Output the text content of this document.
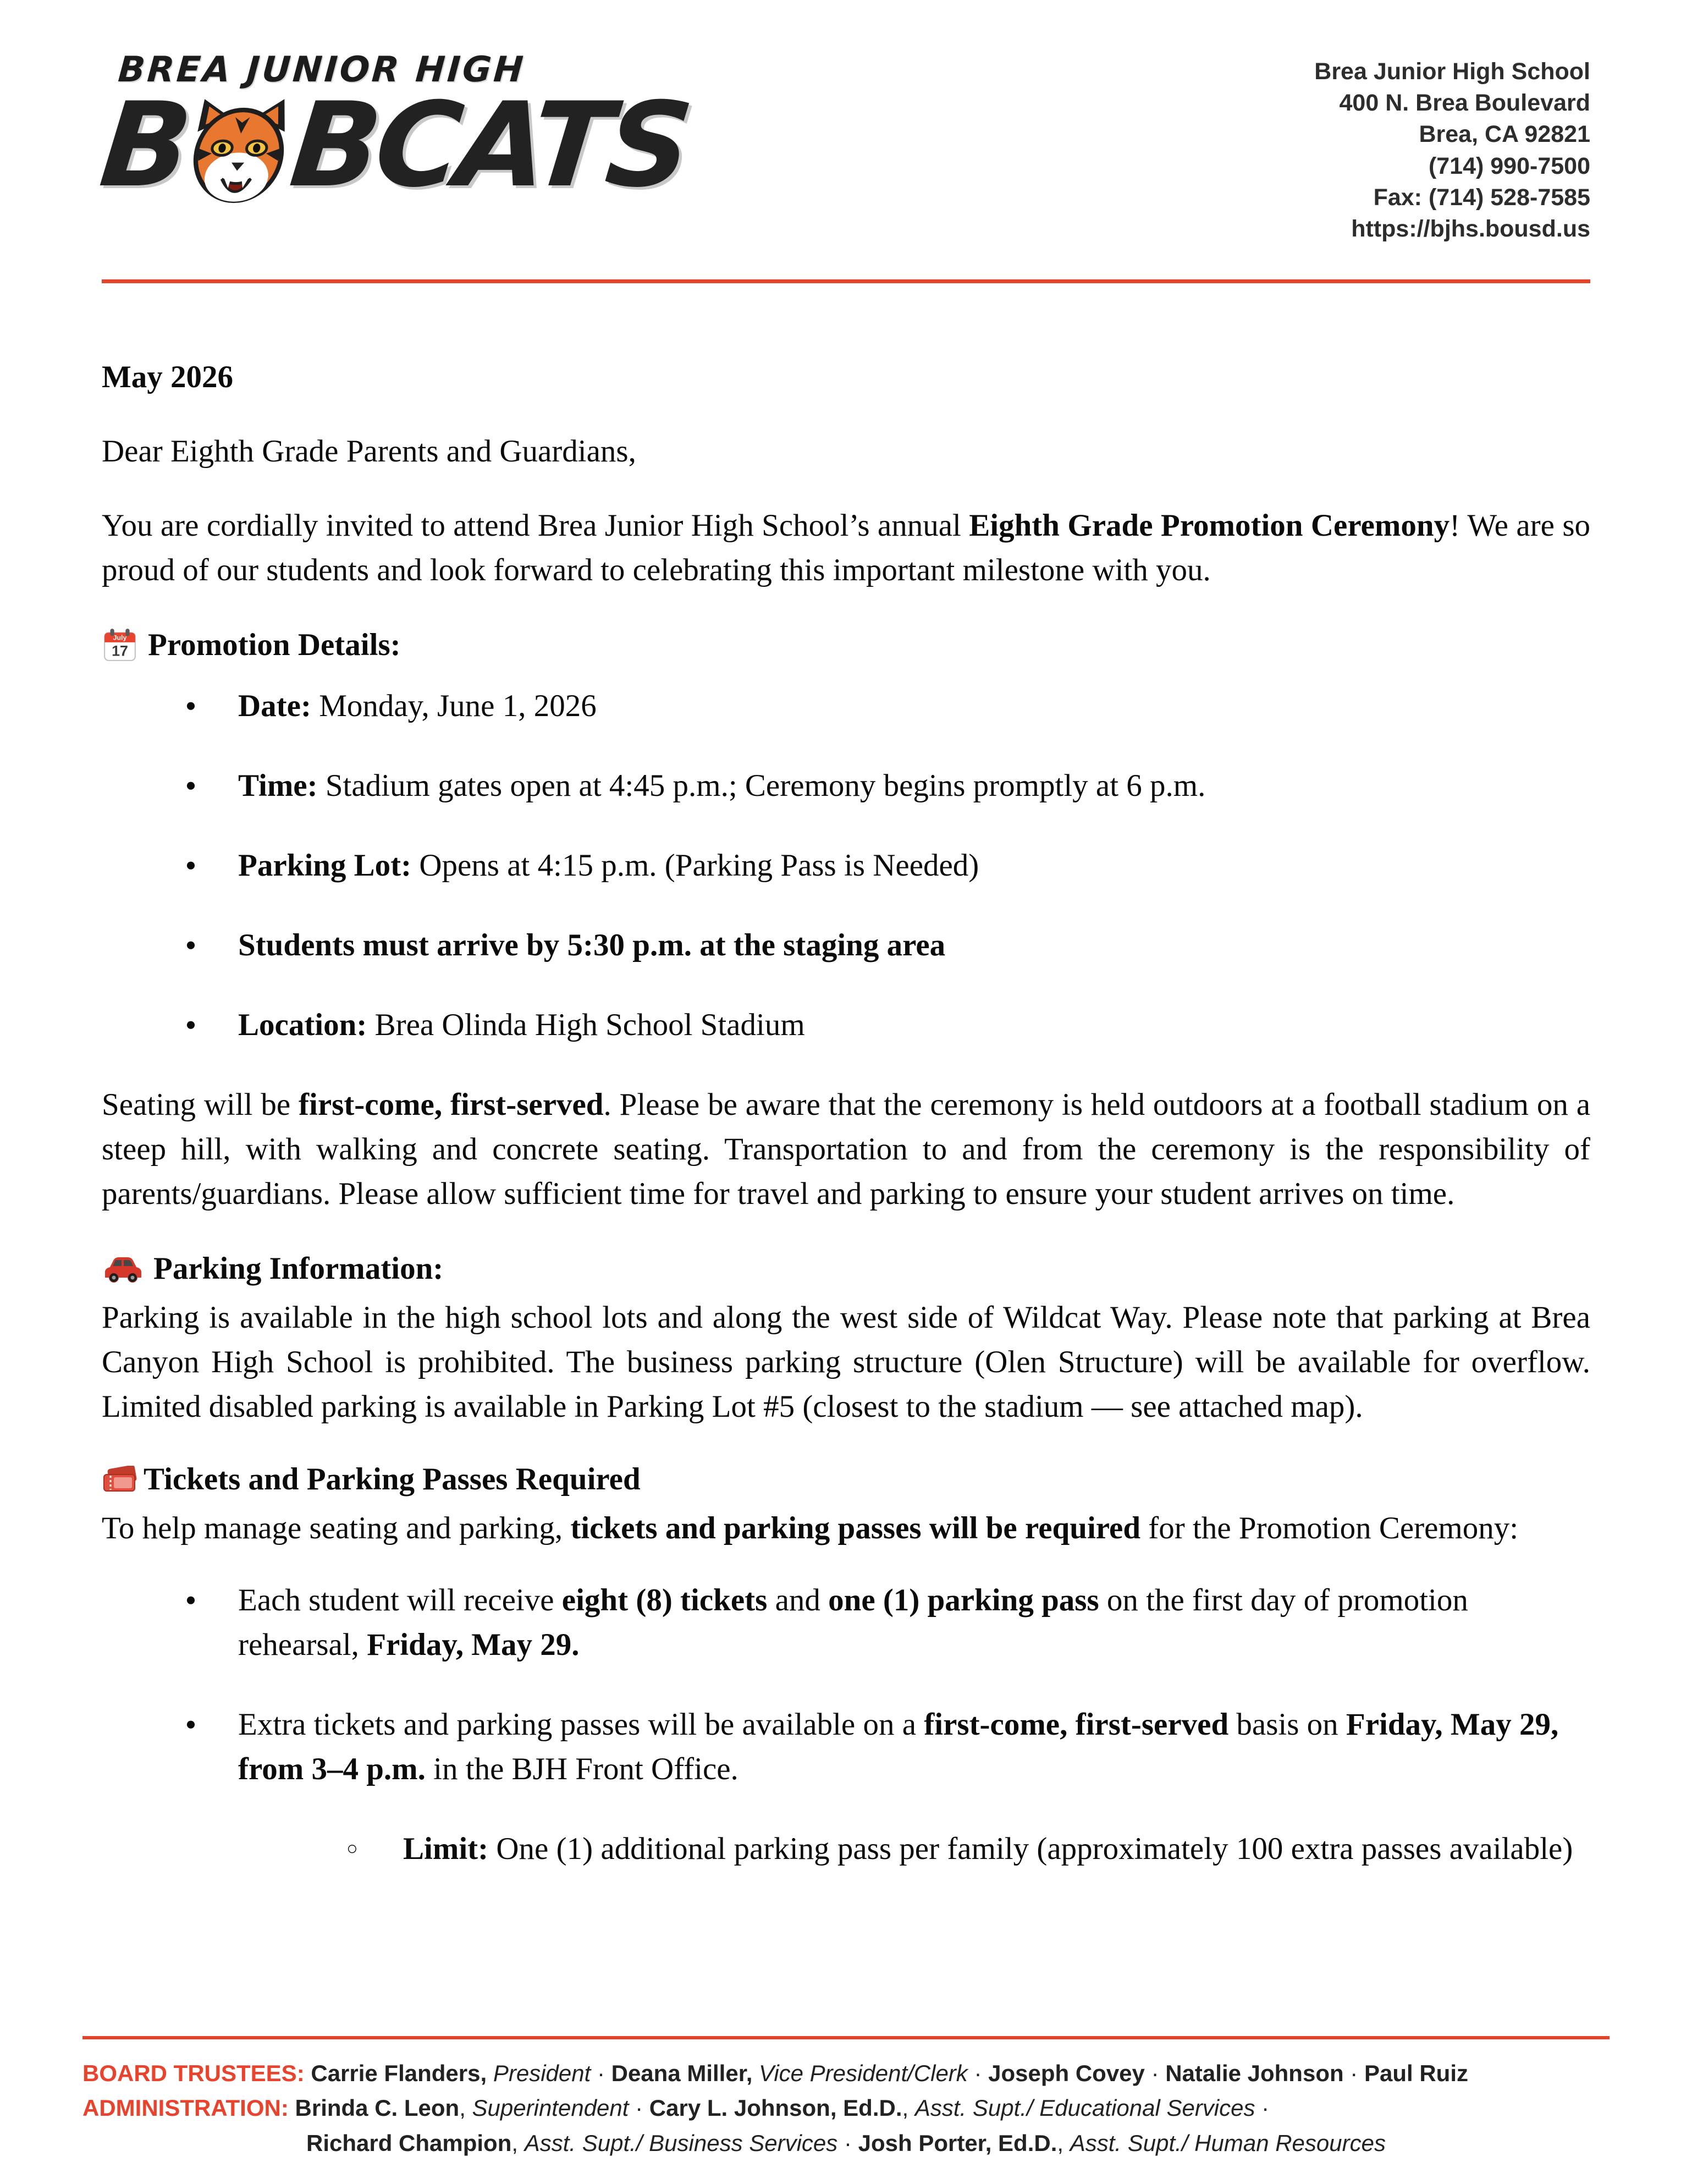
BREA JUNIOR HIGH
B BCATS
Brea Junior High School
400 N. Brea Boulevard
Brea, CA 92821
(714) 990-7500
Fax: (714) 528-7585
https://bjhs.bousd.us

May 2026

Dear Eighth Grade Parents and Guardians,

You are cordially invited to attend Brea Junior High School’s annual Eighth Grade Promotion Ceremony! We are so proud of our students and look forward to celebrating this important milestone with you.

July
17 Promotion Details:
● Date: Monday, June 1, 2026
● Time: Stadium gates open at 4:45 p.m.; Ceremony begins promptly at 6 p.m.
● Parking Lot: Opens at 4:15 p.m. (Parking Pass is Needed)
● Students must arrive by 5:30 p.m. at the staging area
● Location: Brea Olinda High School Stadium

Seating will be first-come, first-served. Please be aware that the ceremony is held outdoors at a football stadium on a steep hill, with walking and concrete seating. Transportation to and from the ceremony is the responsibility of parents/guardians. Please allow sufficient time for travel and parking to ensure your student arrives on time.

Parking Information:

Parking is available in the high school lots and along the west side of Wildcat Way. Please note that parking at Brea Canyon High School is prohibited. The business parking structure (Olen Structure) will be available for overflow. Limited disabled parking is available in Parking Lot #5 (closest to the stadium — see attached map).

Tickets and Parking Passes Required

To help manage seating and parking, tickets and parking passes will be required for the Promotion Ceremony:

● Each student will receive eight (8) tickets and one (1) parking pass on the first day of promotion rehearsal, Friday, May 29.
● Extra tickets and parking passes will be available on a first-come, first-served basis on Friday, May 29, from 3–4 p.m. in the BJH Front Office.
○ Limit: One (1) additional parking pass per family (approximately 100 extra passes available)
BOARD TRUSTEES: Carrie Flanders, President · Deana Miller, Vice President/Clerk · Joseph Covey · Natalie Johnson · Paul Ruiz
ADMINISTRATION: Brinda C. Leon, Superintendent · Cary L. Johnson, Ed.D., Asst. Supt./ Educational Services ·
Richard Champion, Asst. Supt./ Business Services · Josh Porter, Ed.D., Asst. Supt./ Human Resources
